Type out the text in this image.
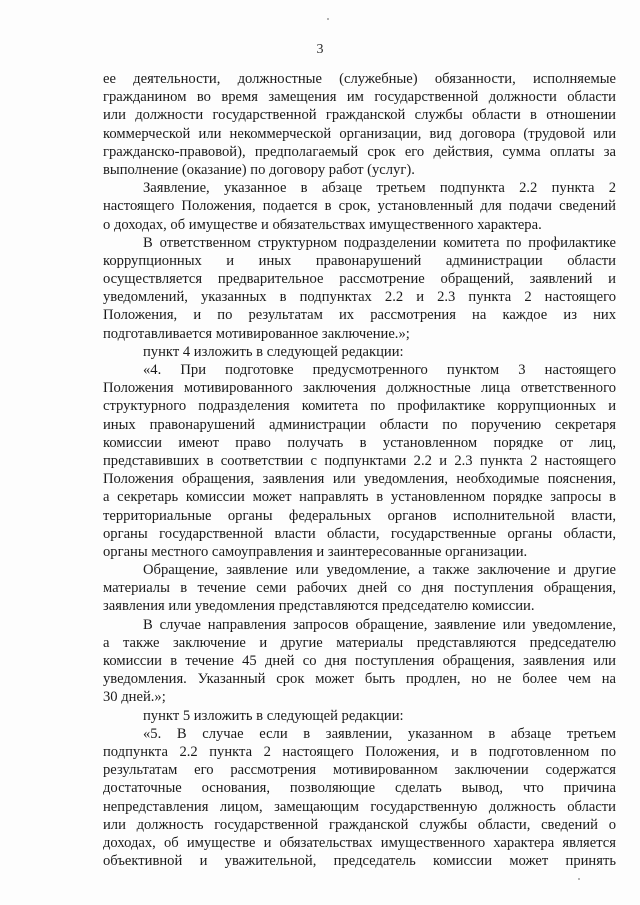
3
ее деятельности, должностные (служебные) обязанности, исполняемые
гражданином во время замещения им государственной должности области
или должности государственной гражданской службы области в отношении
коммерческой или некоммерческой организации, вид договора (трудовой или
гражданско-правовой), предполагаемый срок его действия, сумма оплаты за
выполнение (оказание) по договору работ (услуг).
Заявление, указанное в абзаце третьем подпункта 2.2 пункта 2
настоящего Положения, подается в срок, установленный для подачи сведений
о доходах, об имуществе и обязательствах имущественного характера.
В ответственном структурном подразделении комитета по профилактике
коррупционных и иных правонарушений администрации области
осуществляется предварительное рассмотрение обращений, заявлений и
уведомлений, указанных в подпунктах 2.2 и 2.3 пункта 2 настоящего
Положения, и по результатам их рассмотрения на каждое из них
подготавливается мотивированное заключение.»;
пункт 4 изложить в следующей редакции:
«4. При подготовке предусмотренного пунктом 3 настоящего
Положения мотивированного заключения должностные лица ответственного
структурного подразделения комитета по профилактике коррупционных и
иных правонарушений администрации области по поручению секретаря
комиссии имеют право получать в установленном порядке от лиц,
представивших в соответствии с подпунктами 2.2 и 2.3 пункта 2 настоящего
Положения обращения, заявления или уведомления, необходимые пояснения,
а секретарь комиссии может направлять в установленном порядке запросы в
территориальные органы федеральных органов исполнительной власти,
органы государственной власти области, государственные органы области,
органы местного самоуправления и заинтересованные организации.
Обращение, заявление или уведомление, а также заключение и другие
материалы в течение семи рабочих дней со дня поступления обращения,
заявления или уведомления представляются председателю комиссии.
В случае направления запросов обращение, заявление или уведомление,
а также заключение и другие материалы представляются председателю
комиссии в течение 45 дней со дня поступления обращения, заявления или
уведомления. Указанный срок может быть продлен, но не более чем на
30 дней.»;
пункт 5 изложить в следующей редакции:
«5. В случае если в заявлении, указанном в абзаце третьем
подпункта 2.2 пункта 2 настоящего Положения, и в подготовленном по
результатам его рассмотрения мотивированном заключении содержатся
достаточные основания, позволяющие сделать вывод, что причина
непредставления лицом, замещающим государственную должность области
или должность государственной гражданской службы области, сведений о
доходах, об имуществе и обязательствах имущественного характера является
объективной и уважительной, председатель комиссии может принять
